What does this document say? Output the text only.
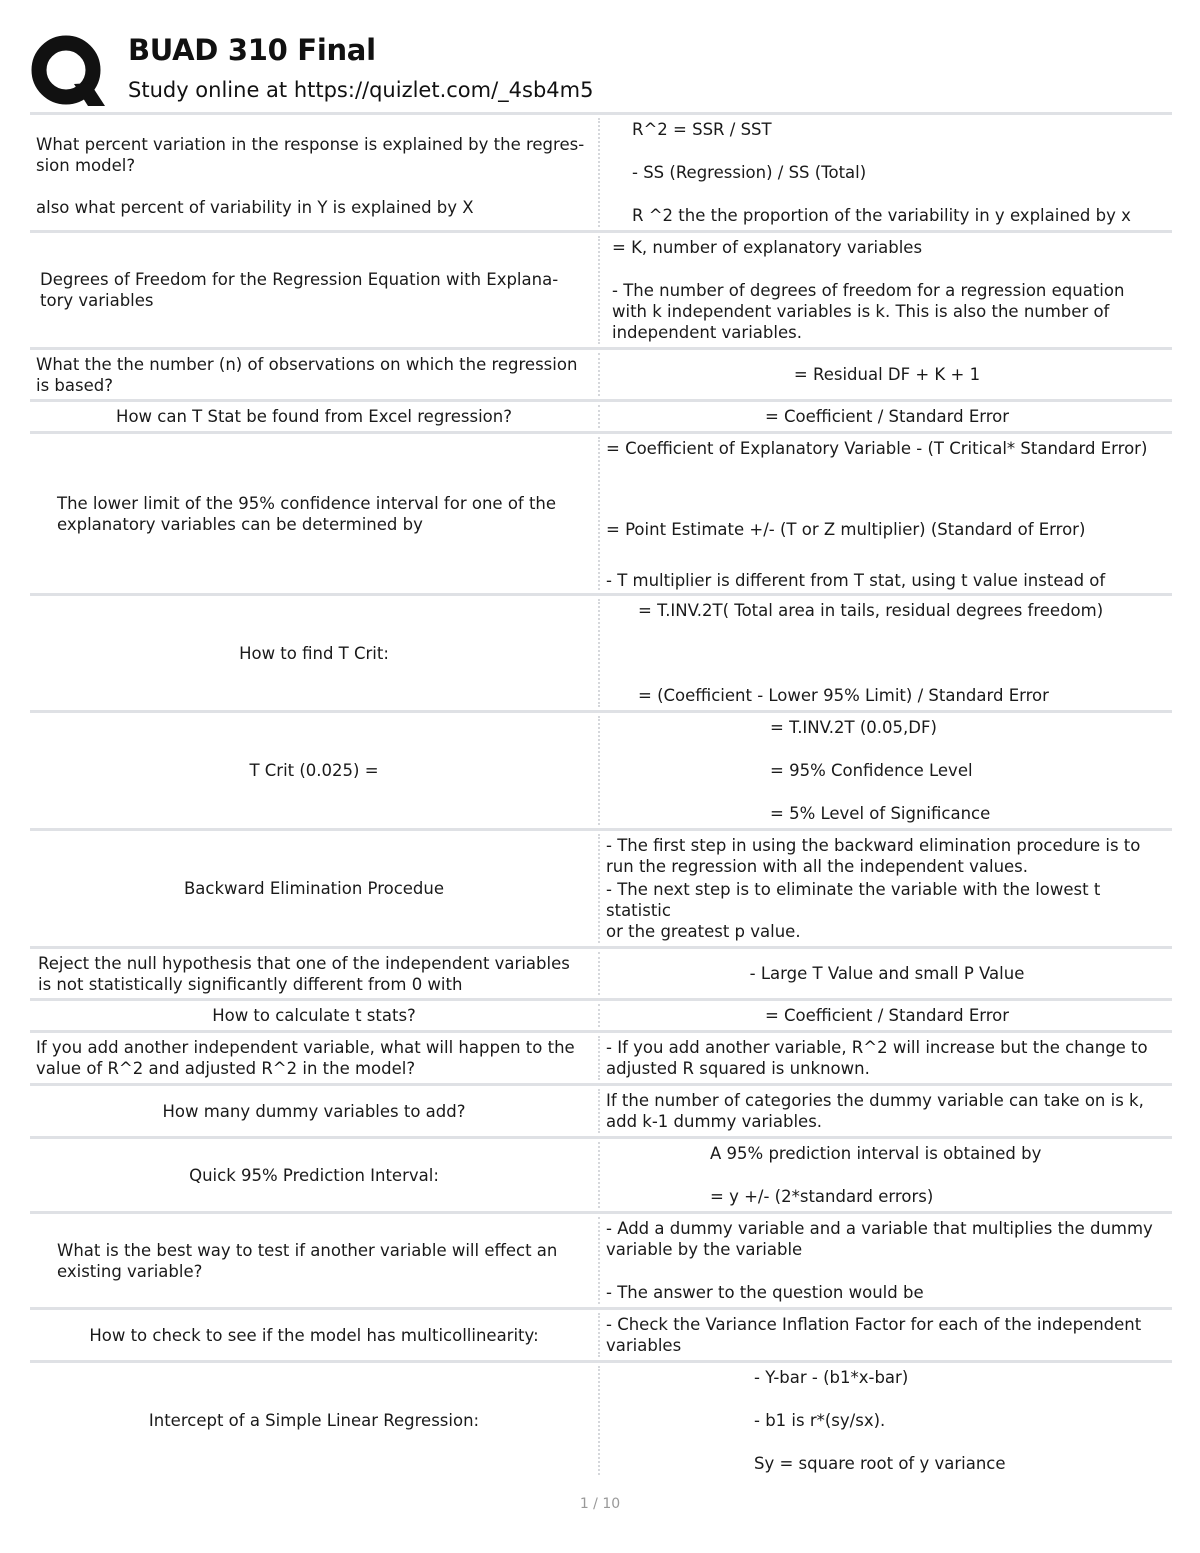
BUAD 310 Final
Study online at https://quizlet.com/_4sb4m5
What percent variation in the response is explained by the regres-
sion model?

also what percent of variability in Y is explained by X
R^2 = SSR / SST
- SS (Regression) / SS (Total)
R ^2 the the proportion of the variability in y explained by x
Degrees of Freedom for the Regression Equation with Explana-
tory variables
= K, number of explanatory variables
- The number of degrees of freedom for a regression equation
with k independent variables is k. This is also the number of
independent variables.
What the the number (n) of observations on which the regression
is based?
= Residual DF + K + 1
How can T Stat be found from Excel regression?	= Coefficient / Standard Error
The lower limit of the 95% confidence interval for one of the
explanatory variables can be determined by
= Coefficient of Explanatory Variable - (T Critical* Standard Error)
= Point Estimate +/- (T or Z multiplier) (Standard of Error)
- T multiplier is different from T stat, using t value instead of
How to find T Crit:
= T.INV.2T( Total area in tails, residual degrees freedom)
= (Coefficient - Lower 95% Limit) / Standard Error
T Crit (0.025) =
= T.INV.2T (0.05,DF)
= 95% Confidence Level
= 5% Level of Significance
Backward Elimination Procedue
- The first step in using the backward elimination procedure is to
run the regression with all the independent values.
- The next step is to eliminate the variable with the lowest t statistic
or the greatest p value.
Reject the null hypothesis that one of the independent variables
is not statistically significantly different from 0 with
- Large T Value and small P Value
How to calculate t stats?	= Coefficient / Standard Error
If you add another independent variable, what will happen to the
value of R^2 and adjusted R^2 in the model?
- If you add another variable, R^2 will increase but the change to
adjusted R squared is unknown.
How many dummy variables to add?
If the number of categories the dummy variable can take on is k,
add k-1 dummy variables.
Quick 95% Prediction Interval:
A 95% prediction interval is obtained by
= y +/- (2*standard errors)
What is the best way to test if another variable will effect an
existing variable?
- Add a dummy variable and a variable that multiplies the dummy
variable by the variable
- The answer to the question would be
How to check to see if the model has multicollinearity:
- Check the Variance Inflation Factor for each of the independent
variables
Intercept of a Simple Linear Regression:
- Y-bar - (b1*x-bar)
- b1 is r*(sy/sx).
Sy = square root of y variance
1 / 10
